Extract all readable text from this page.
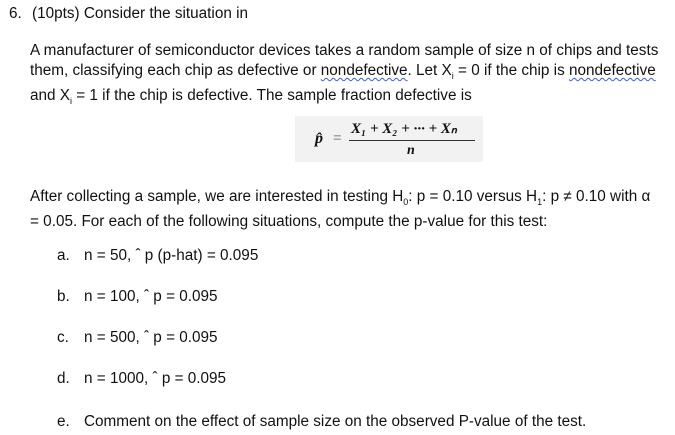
6. (10pts) Consider the situation in
A manufacturer of semiconductor devices takes a random sample of size n of chips and tests
them, classifying each chip as defective or nondefective. Let $X_i = 0$ if the chip is nondefective
and $X_i = 1$ if the chip is defective. The sample fraction defective is
p̂ =
X₁ + X₂ + ··· + Xₙ
n
After collecting a sample, we are interested in testing $H_0$: p = 0.10 versus $H_1$: p ≠ 0.10 with α
= 0.05. For each of the following situations, compute the p-value for this test:
a. n = 50, ˆ p (p-hat) = 0.095
b. n = 100, ˆ p = 0.095
c. n = 500, ˆ p = 0.095
d. n = 1000, ˆ p = 0.095
e. Comment on the effect of sample size on the observed P-value of the test.
